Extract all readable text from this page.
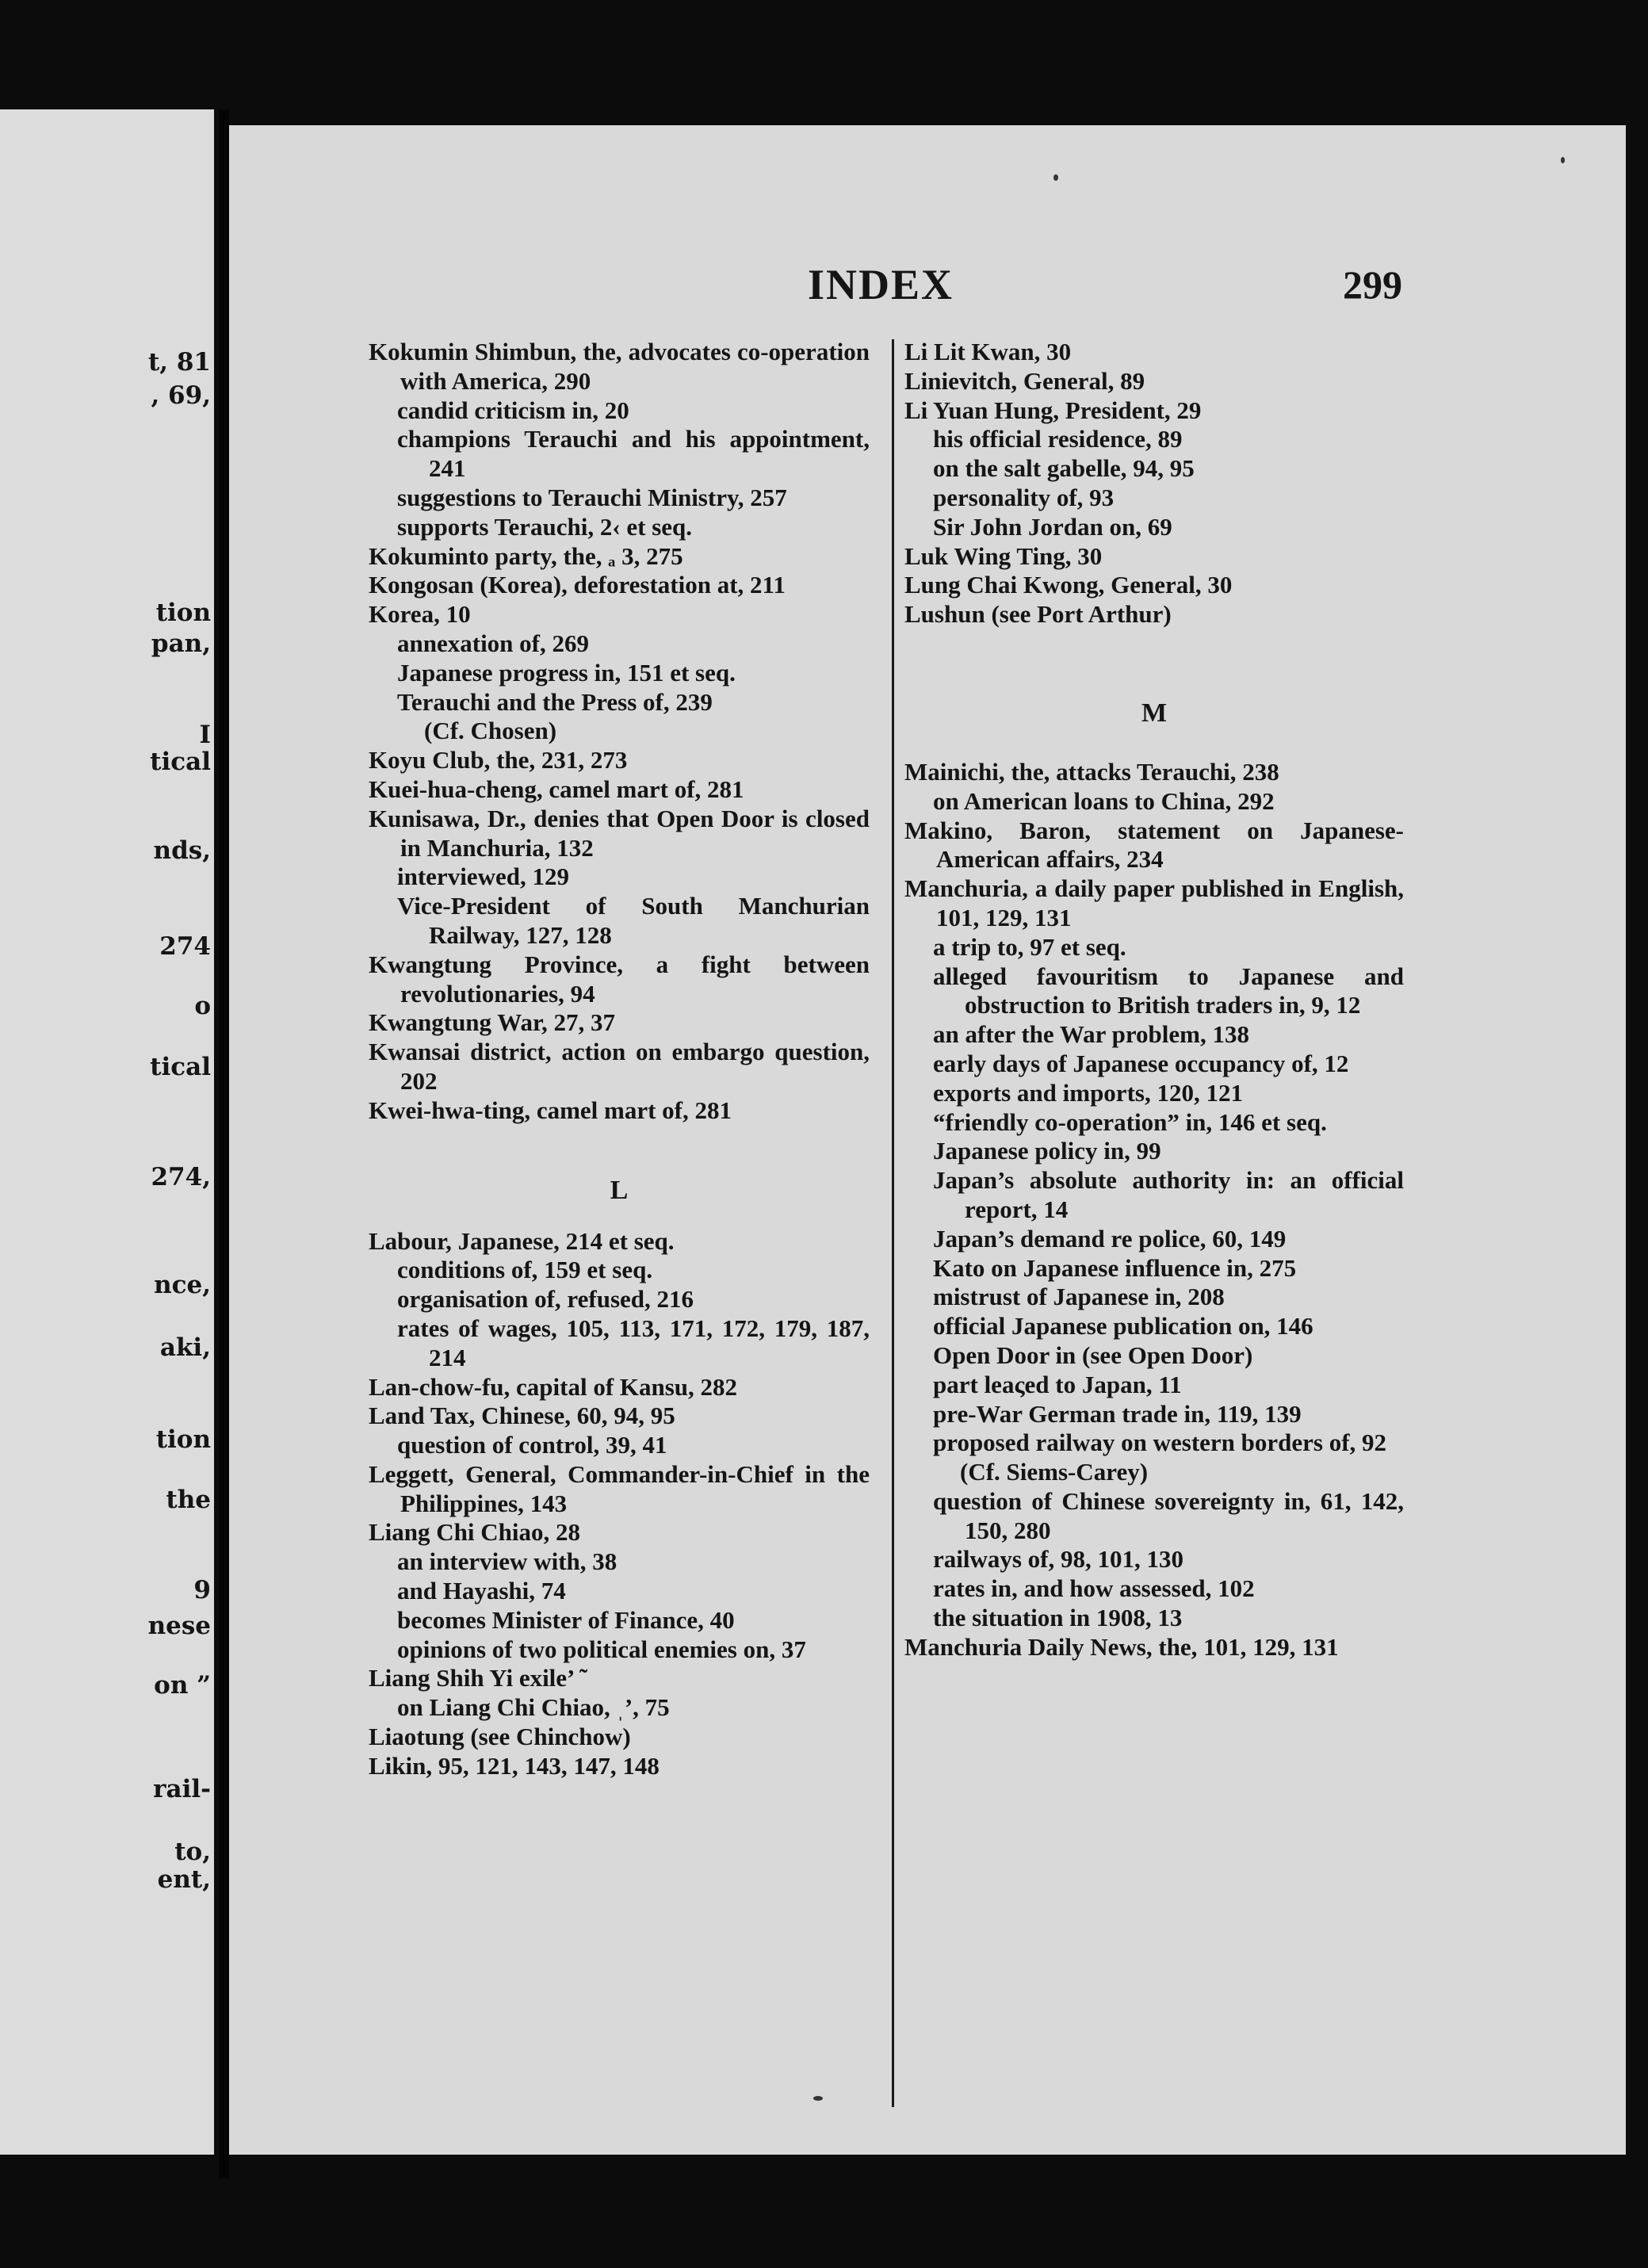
t, 81
, 69,
tion
pan,
I
tical
nds,
274
o
tical
274,
nce,
aki,
tion
the
9
nese
on ”
rail-
to,
ent,
INDEX	299

Kokumin Shimbun, the, advocates co-operation with America, 290

candid criticism in, 20

champions Terauchi and his appointment, 241

suggestions to Terauchi Ministry, 257

supports Terauchi, 2‹ et seq.

Kokuminto party, the, ₐ 3, 275

Kongosan (Korea), deforestation at, 211

Korea, 10

annexation of, 269

Japanese progress in, 151 et seq.

Terauchi and the Press of, 239

(Cf. Chosen)

Koyu Club, the, 231, 273

Kuei-hua-cheng, camel mart of, 281

Kunisawa, Dr., denies that Open Door is closed in Manchuria, 132

interviewed, 129

Vice-President of South Manchurian Railway, 127, 128

Kwangtung Province, a fight between revolutionaries, 94

Kwangtung War, 27, 37

Kwansai district, action on embargo question, 202

Kwei-hwa-ting, camel mart of, 281

L

Labour, Japanese, 214 et seq.

conditions of, 159 et seq.

organisation of, refused, 216

rates of wages, 105, 113, 171, 172, 179, 187, 214

Lan-chow-fu, capital of Kansu, 282

Land Tax, Chinese, 60, 94, 95

question of control, 39, 41

Leggett, General, Commander-in-Chief in the Philippines, 143

Liang Chi Chiao, 28

an interview with, 38

and Hayashi, 74

becomes Minister of Finance, 40

opinions of two political enemies on, 37

Liang Shih Yi exile’ ˜

on Liang Chi Chiao, ˌ’, 75

Liaotung (see Chinchow)

Likin, 95, 121, 143, 147, 148

Li Lit Kwan, 30

Linievitch, General, 89

Li Yuan Hung, President, 29

his official residence, 89

on the salt gabelle, 94, 95

personality of, 93

Sir John Jordan on, 69

Luk Wing Ting, 30

Lung Chai Kwong, General, 30

Lushun (see Port Arthur)

M

Mainichi, the, attacks Terauchi, 238

on American loans to China, 292

Makino, Baron, statement on Japanese-American affairs, 234

Manchuria, a daily paper published in English, 101, 129, 131

a trip to, 97 et seq.

alleged favouritism to Japanese and obstruction to British traders in, 9, 12

an after the War problem, 138

early days of Japanese occupancy of, 12

exports and imports, 120, 121

“friendly co-operation” in, 146 et seq.

Japanese policy in, 99

Japan’s absolute authority in: an official report, 14

Japan’s demand re police, 60, 149

Kato on Japanese influence in, 275

mistrust of Japanese in, 208

official Japanese publication on, 146

Open Door in (see Open Door)

part leaςed to Japan, 11

pre-War German trade in, 119, 139

proposed railway on western borders of, 92

(Cf. Siems-Carey)

question of Chinese sovereignty in, 61, 142, 150, 280

railways of, 98, 101, 130

rates in, and how assessed, 102

the situation in 1908, 13

Manchuria Daily News, the, 101, 129, 131
